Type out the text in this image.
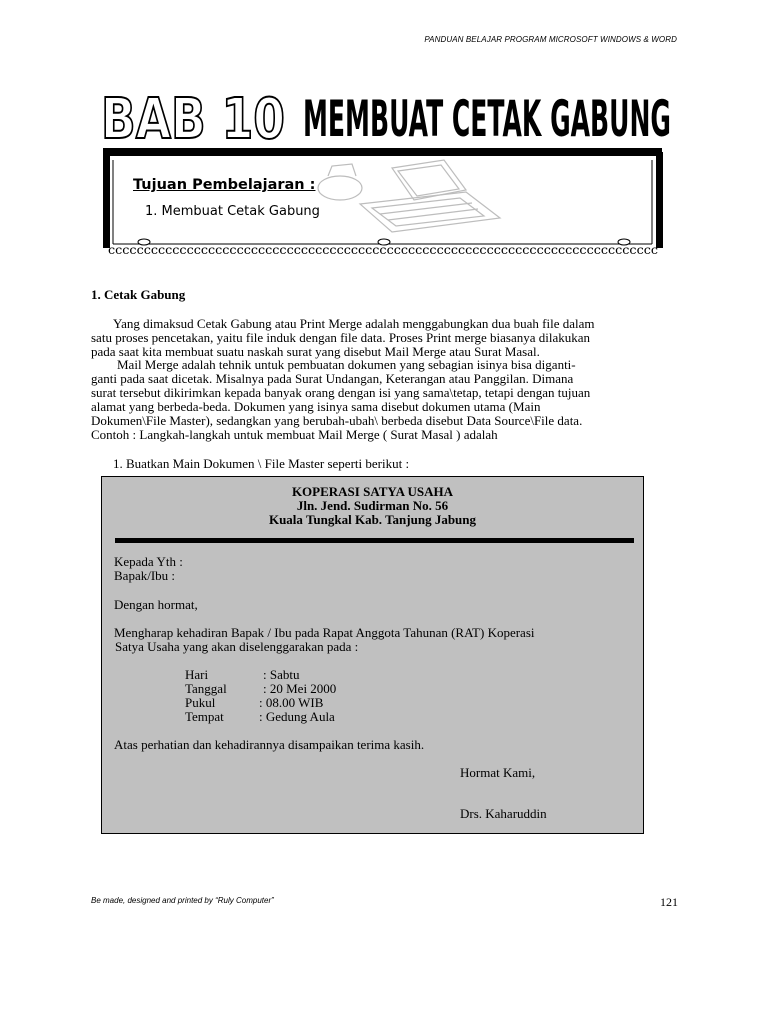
PANDUAN BELAJAR PROGRAM MICROSOFT WINDOWS & WORD
BAB 10 MEMBUAT CETAK GABUNG
ccccccccccccccccccccccccccccccccccccccccccccccccccccccccccccccccccccccccccccc
Tujuan Pembelajaran :
1. Membuat Cetak Gabung
1. Cetak Gabung

Yang dimaksud Cetak Gabung atau Print Merge adalah menggabungkan dua buah file dalam

satu proses pencetakan, yaitu file induk dengan file data. Proses Print merge biasanya dilakukan

pada saat kita membuat suatu naskah surat yang disebut Mail Merge atau Surat Masal.

Mail Merge adalah tehnik untuk pembuatan dokumen yang sebagian isinya bisa diganti-

ganti pada saat dicetak. Misalnya pada Surat Undangan, Keterangan atau Panggilan. Dimana

surat tersebut dikirimkan kepada banyak orang dengan isi yang sama\tetap, tetapi dengan tujuan

alamat yang berbeda-beda. Dokumen yang isinya sama disebut dokumen utama (Main

Dokumen\File Master), sedangkan yang berubah-ubah\ berbeda disebut Data Source\File data.

Contoh : Langkah-langkah untuk membuat Mail Merge ( Surat Masal ) adalah

1. Buatkan Main Dokumen \ File Master seperti berikut :
KOPERASI SATYA USAHA
Jln. Jend. Sudirman No. 56
Kuala Tungkal Kab. Tanjung Jabung
Kepada Yth :
Bapak/Ibu :
Dengan hormat,
Mengharap kehadiran Bapak / Ibu pada Rapat Anggota Tahunan (RAT) Koperasi
Satya Usaha yang akan diselenggarakan pada :
Hari	: Sabtu
Tanggal	: 20 Mei 2000
Pukul	: 08.00 WIB
Tempat	: Gedung Aula
Atas perhatian dan kehadirannya disampaikan terima kasih.
Hormat Kami,
Drs. Kaharuddin
Be made, designed and printed by “Ruly Computer”	121
